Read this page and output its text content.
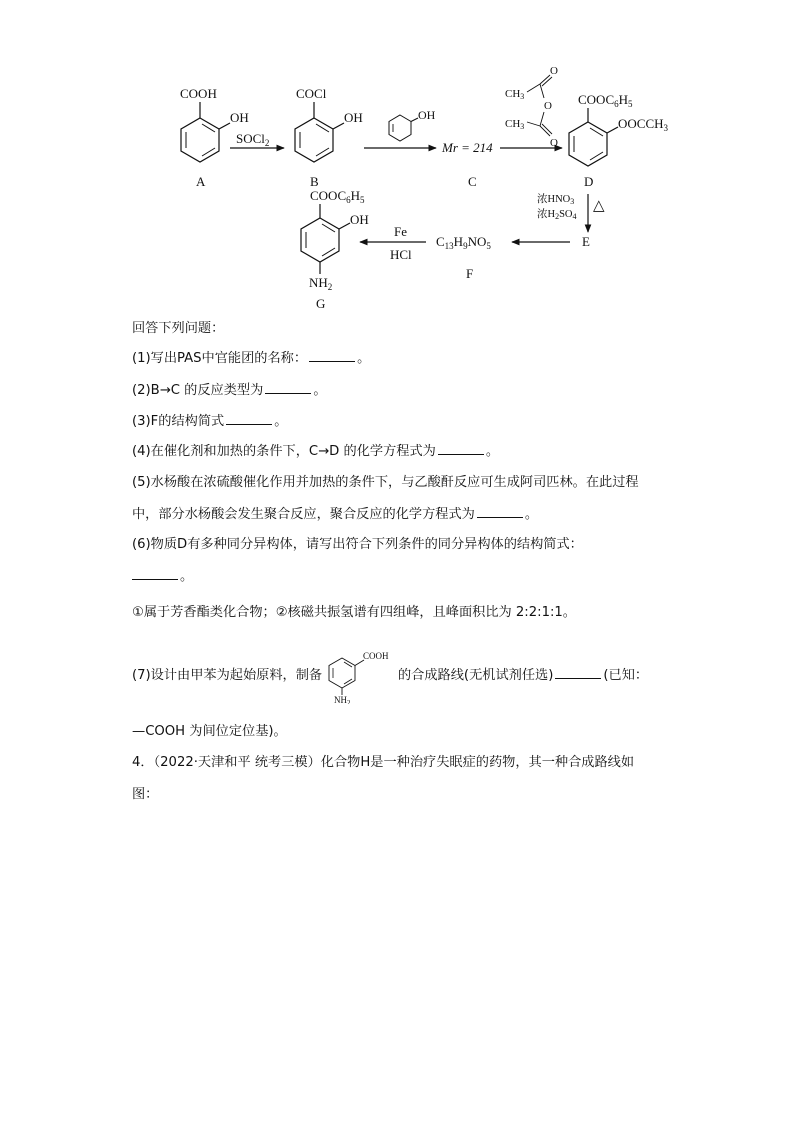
COOH
OH
A
SOCl$_2$
COCl
OH
B
OH
Mr = 214
C
CH3
O
O
CH3
O
$COOC_6H_5$
$OOCCH_3$
D
浓HNO3
浓H2SO4
△
E
$C_{13}H_9NO_5$
F
Fe
HCl
$COOC_6H_5$
OH
$NH_2$
G
回答下列问题：
(1)写出PAS中官能团的名称：	。
(2)B→C 的反应类型为	。
(3)F的结构简式	。
(4)在催化剂和加热的条件下，C→D 的化学方程式为	。
(5)水杨酸在浓硫酸催化作用并加热的条件下，与乙酸酐反应可生成阿司匹林。在此过程
中，部分水杨酸会发生聚合反应，聚合反应的化学方程式为	。
(6)物质D有多种同分异构体，请写出符合下列条件的同分异构体的结构简式：
。
①属于芳香酯类化合物；②核磁共振氢谱有四组峰，且峰面积比为 2:2:1:1。
(7)设计由甲苯为起始原料，制备
COOH
$NH_2$
的合成路线(无机试剂任选)	(已知：
—COOH 为间位定位基)。
4．（2022·天津和平 统考三模）化合物H是一种治疗失眠症的药物，其一种合成路线如
图：
